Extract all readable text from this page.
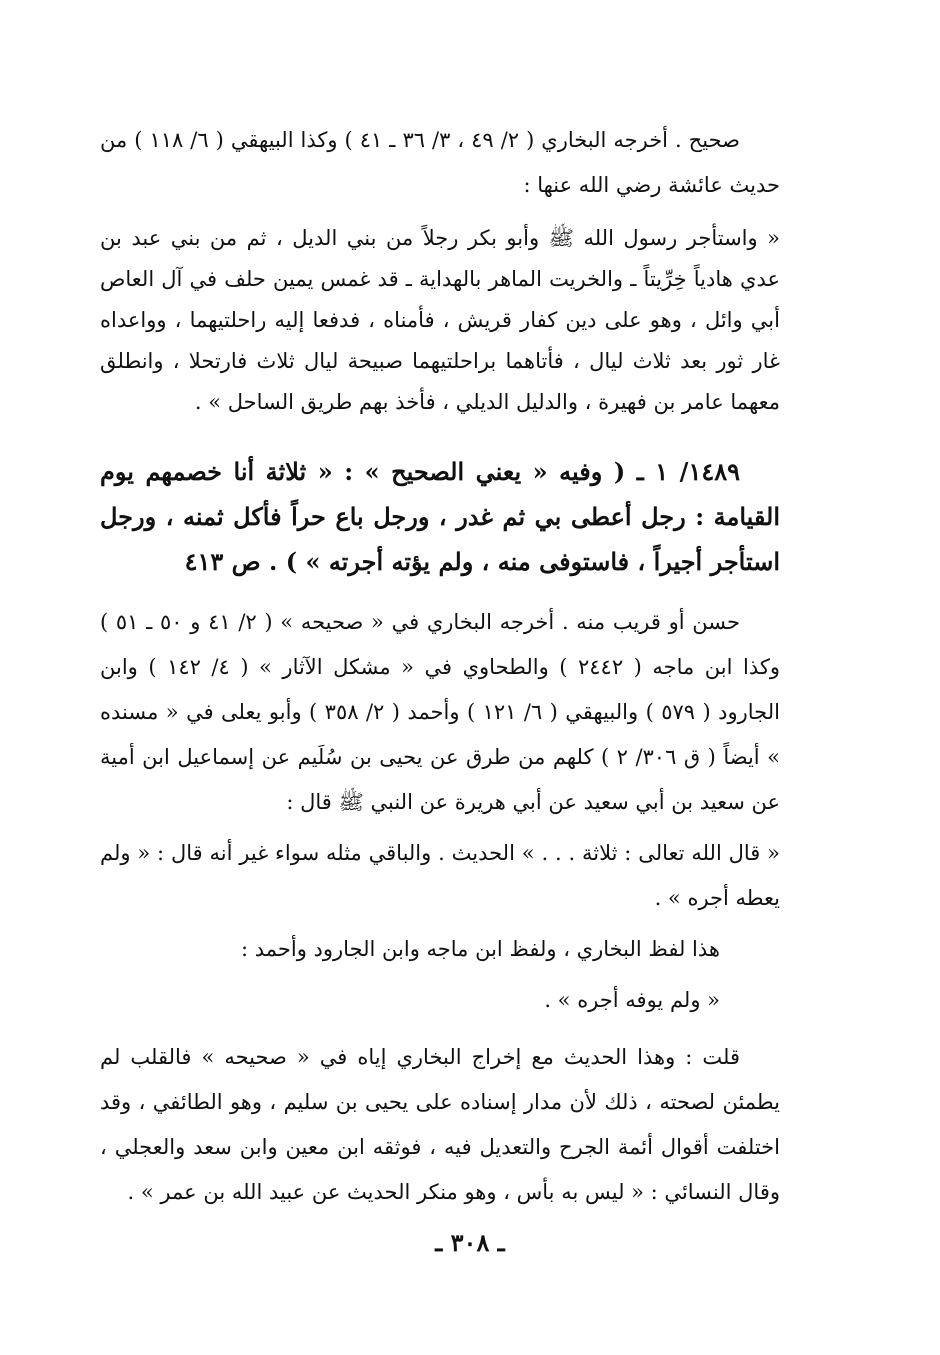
صحيح . أخرجه البخاري ( ٢/ ٤٩ ، ٣/ ٣٦ ـ ٤١ ) وكذا البيهقي ( ٦/ ١١٨ ) من حديث عائشة رضي الله عنها :

« واستأجر رسول الله ﷺ وأبو بكر رجلاً من بني الديل ، ثم من بني عبد بن عدي هادياً خِرِّيتاً ـ والخريت الماهر بالهداية ـ قد غمس يمين حلف في آل العاص أبي وائل ، وهو على دين كفار قريش ، فأمناه ، فدفعا إليه راحلتيهما ، وواعداه غار ثور بعد ثلاث ليال ، فأتاهما براحلتيهما صبيحة ليال ثلاث فارتحلا ، وانطلق معهما عامر بن فهيرة ، والدليل الديلي ، فأخذ بهم طريق الساحل » .

١٤٨٩/ ١ ـ ( وفيه « يعني الصحيح » : « ثلاثة أنا خصمهم يوم القيامة : رجل أعطى بي ثم غدر ، ورجل باع حراً فأكل ثمنه ، ورجل استأجر أجيراً ، فاستوفى منه ، ولم يؤته أجرته » ) . ص ٤١٣

حسن أو قريب منه . أخرجه البخاري في « صحيحه » ( ٢/ ٤١ و ٥٠ ـ ٥١ ) وكذا ابن ماجه ( ٢٤٤٢ ) والطحاوي في « مشكل الآثار » ( ٤/ ١٤٢ ) وابن الجارود ( ٥٧٩ ) والبيهقي ( ٦/ ١٢١ ) وأحمد ( ٢/ ٣٥٨ ) وأبو يعلى في « مسنده » أيضاً ( ق ٣٠٦/ ٢ ) كلهم من طرق عن يحيى بن سُلَيم عن إسماعيل ابن أمية عن سعيد بن أبي سعيد عن أبي هريرة عن النبي ﷺ قال :

« قال الله تعالى : ثلاثة . . . » الحديث . والباقي مثله سواء غير أنه قال : « ولم يعطه أجره » .

هذا لفظ البخاري ، ولفظ ابن ماجه وابن الجارود وأحمد :

« ولم يوفه أجره » .

قلت : وهذا الحديث مع إخراج البخاري إياه في « صحيحه » فالقلب لم يطمئن لصحته ، ذلك لأن مدار إسناده على يحيى بن سليم ، وهو الطائفي ، وقد اختلفت أقوال أئمة الجرح والتعديل فيه ، فوثقه ابن معين وابن سعد والعجلي ، وقال النسائي : « ليس به بأس ، وهو منكر الحديث عن عبيد الله بن عمر » .

ـ ٣٠٨ ـ
